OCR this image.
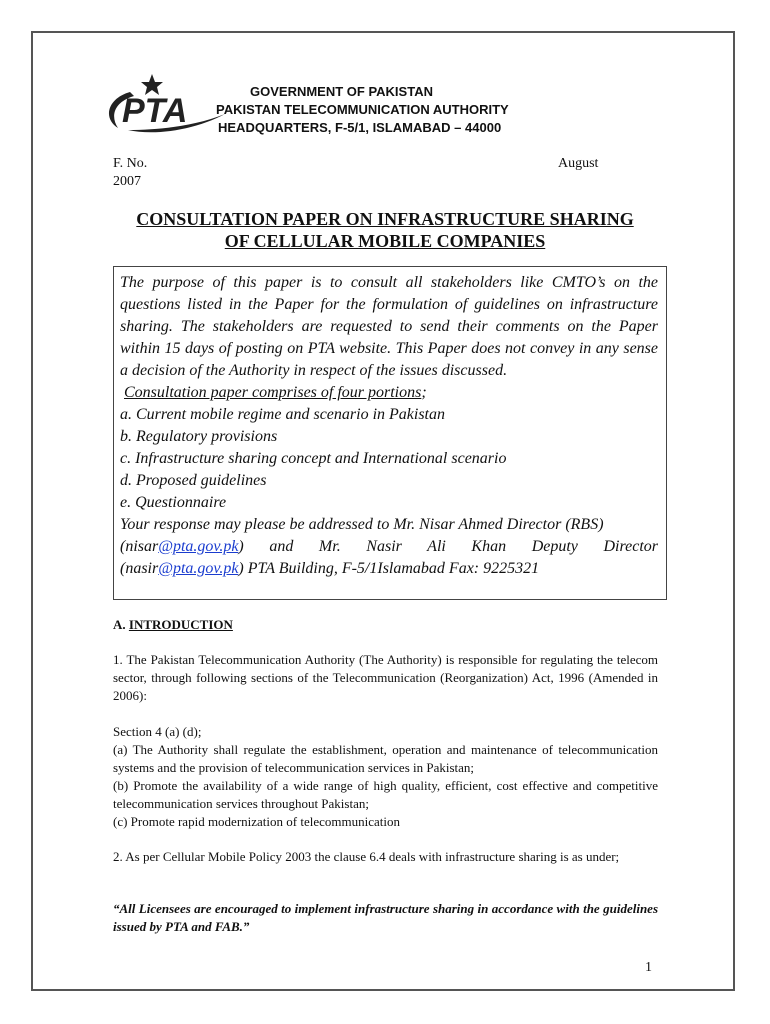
PTA
GOVERNMENT OF PAKISTAN
PAKISTAN TELECOMMUNICATION AUTHORITY
HEADQUARTERS, F-5/1, ISLAMABAD – 44000
F. No.
2007
August
CONSULTATION PAPER ON INFRASTRUCTURE SHARING
OF CELLULAR MOBILE COMPANIES

The purpose of this paper is to consult all stakeholders like CMTO’s on the questions listed in the Paper for the formulation of guidelines on infrastructure sharing. The stakeholders are requested to send their comments on the Paper within 15 days of posting on PTA website. This Paper does not convey in any sense a decision of the Authority in respect of the issues discussed.

Consultation paper comprises of four portions;

a. Current mobile regime and scenario in Pakistan

b. Regulatory provisions

c. Infrastructure sharing concept and International scenario

d. Proposed guidelines

e. Questionnaire

Your response may please be addressed to Mr. Nisar Ahmed Director (RBS)

(nisar@pta.gov.pk) and Mr. Nasir Ali Khan Deputy Director

(nasir@pta.gov.pk) PTA Building, F-5/1Islamabad Fax: 9225321

A. INTRODUCTION

1. The Pakistan Telecommunication Authority (The Authority) is responsible for regulating the telecom sector, through following sections of the Telecommunication (Reorganization) Act, 1996 (Amended in 2006):

Section 4 (a) (d);

(a) The Authority shall regulate the establishment, operation and maintenance of telecommunication systems and the provision of telecommunication services in Pakistan;

(b) Promote the availability of a wide range of high quality, efficient, cost effective and competitive telecommunication services throughout Pakistan;

(c) Promote rapid modernization of telecommunication

2. As per Cellular Mobile Policy 2003 the clause 6.4 deals with infrastructure sharing is as under;

“All Licensees are encouraged to implement infrastructure sharing in accordance with the guidelines issued by PTA and FAB.”

1
